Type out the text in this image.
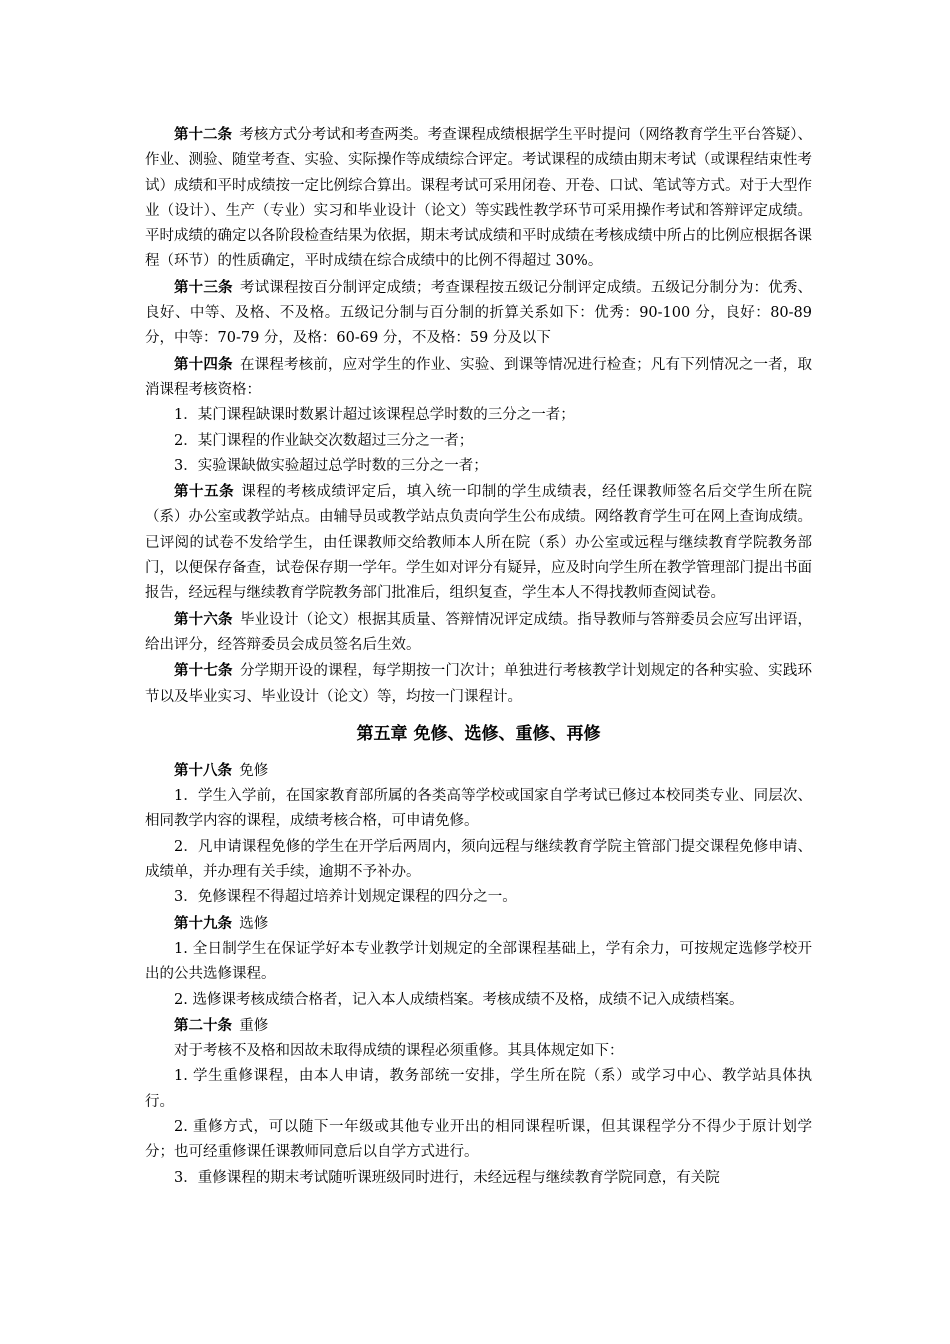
第十二条 考核方式分考试和考查两类。考查课程成绩根据学生平时提问（网络教育学生平台答疑）、作业、测验、随堂考查、实验、实际操作等成绩综合评定。考试课程的成绩由期末考试（或课程结束性考试）成绩和平时成绩按一定比例综合算出。课程考试可采用闭卷、开卷、口试、笔试等方式。对于大型作业（设计）、生产（专业）实习和毕业设计（论文）等实践性教学环节可采用操作考试和答辩评定成绩。平时成绩的确定以各阶段检查结果为依据，期末考试成绩和平时成绩在考核成绩中所占的比例应根据各课程（环节）的性质确定，平时成绩在综合成绩中的比例不得超过 30%。

第十三条 考试课程按百分制评定成绩；考查课程按五级记分制评定成绩。五级记分制分为：优秀、良好、中等、及格、不及格。五级记分制与百分制的折算关系如下：优秀：90-100 分，良好：80-89 分，中等：70-79 分，及格：60-69 分，不及格：59 分及以下

第十四条 在课程考核前，应对学生的作业、实验、到课等情况进行检查；凡有下列情况之一者，取消课程考核资格：

1．某门课程缺课时数累计超过该课程总学时数的三分之一者；

2．某门课程的作业缺交次数超过三分之一者；

3．实验课缺做实验超过总学时数的三分之一者；

第十五条 课程的考核成绩评定后，填入统一印制的学生成绩表，经任课教师签名后交学生所在院（系）办公室或教学站点。由辅导员或教学站点负责向学生公布成绩。网络教育学生可在网上查询成绩。已评阅的试卷不发给学生，由任课教师交给教师本人所在院（系）办公室或远程与继续教育学院教务部门，以便保存备查，试卷保存期一学年。学生如对评分有疑异，应及时向学生所在教学管理部门提出书面报告，经远程与继续教育学院教务部门批准后，组织复查，学生本人不得找教师查阅试卷。

第十六条 毕业设计（论文）根据其质量、答辩情况评定成绩。指导教师与答辩委员会应写出评语，给出评分，经答辩委员会成员签名后生效。

第十七条 分学期开设的课程，每学期按一门次计；单独进行考核教学计划规定的各种实验、实践环节以及毕业实习、毕业设计（论文）等，均按一门课程计。

第五章 免修、选修、重修、再修

第十八条 免修

1．学生入学前，在国家教育部所属的各类高等学校或国家自学考试已修过本校同类专业、同层次、相同教学内容的课程，成绩考核合格，可申请免修。

2．凡申请课程免修的学生在开学后两周内，须向远程与继续教育学院主管部门提交课程免修申请、成绩单，并办理有关手续，逾期不予补办。

3．免修课程不得超过培养计划规定课程的四分之一。

第十九条 选修

1. 全日制学生在保证学好本专业教学计划规定的全部课程基础上，学有余力，可按规定选修学校开出的公共选修课程。

2. 选修课考核成绩合格者，记入本人成绩档案。考核成绩不及格，成绩不记入成绩档案。

第二十条 重修

对于考核不及格和因故未取得成绩的课程必须重修。其具体规定如下：

1. 学生重修课程，由本人申请，教务部统一安排，学生所在院（系）或学习中心、教学站具体执行。

2. 重修方式，可以随下一年级或其他专业开出的相同课程听课，但其课程学分不得少于原计划学分；也可经重修课任课教师同意后以自学方式进行。

3．重修课程的期末考试随听课班级同时进行，未经远程与继续教育学院同意，有关院
